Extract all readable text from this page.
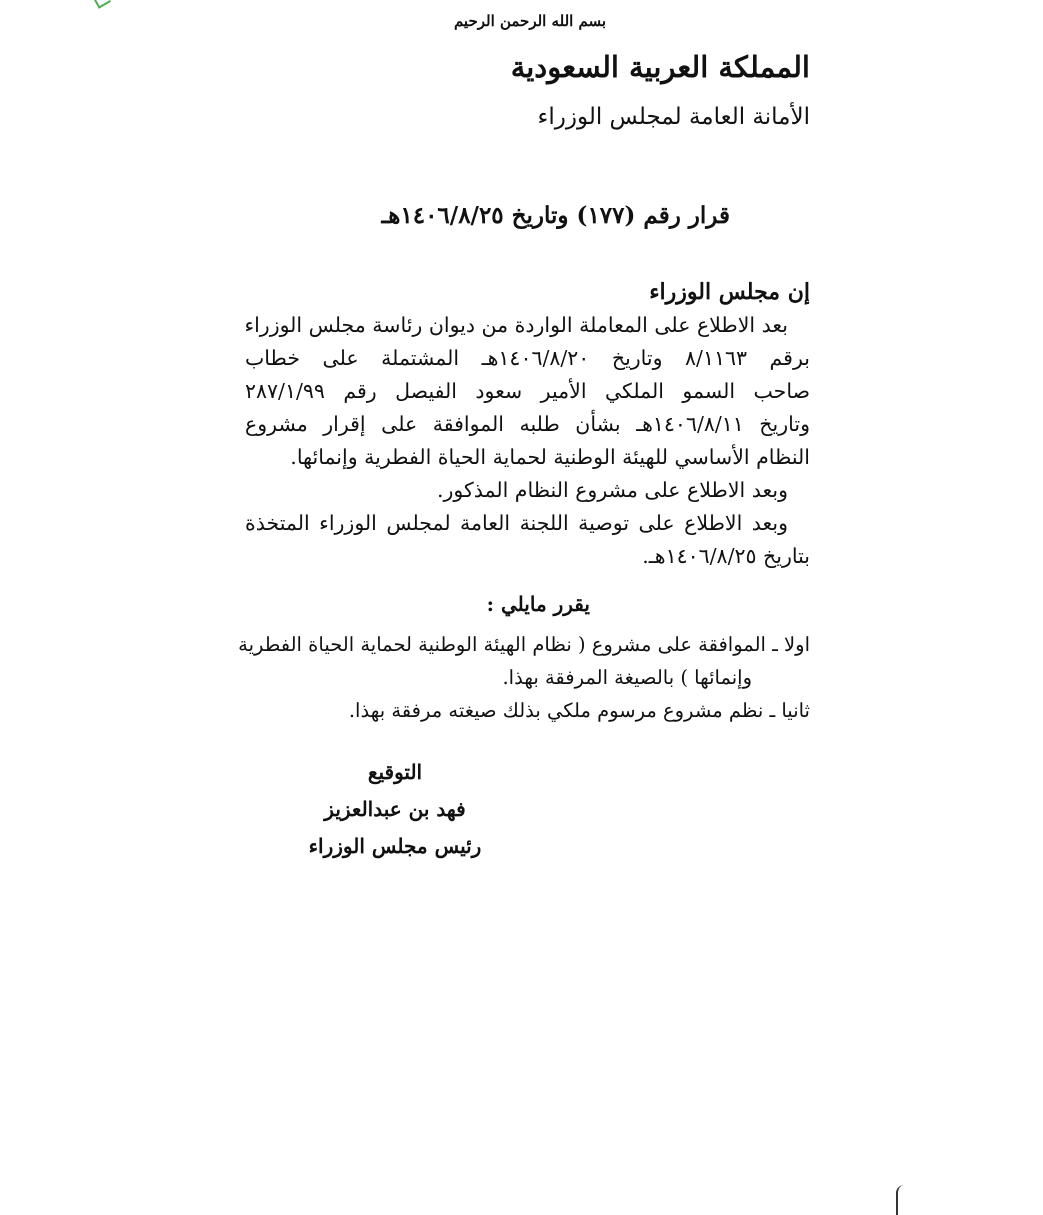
بسم الله الرحمن الرحيم
المملكة العربية السعودية
الأمانة العامة لمجلس الوزراء
قرار رقم (١٧٧) وتاريخ ١٤٠٦/٨/٢٥هـ
إن مجلس الوزراء
بعد الاطلاع على المعاملة الواردة من ديوان رئاسة مجلس الوزراء
برقم ٨/١١٦٣ وتاريخ ١٤٠٦/٨/٢٠هـ المشتملة على خطاب
صاحب السمو الملكي الأمير سعود الفيصل رقم ٢٨٧/١/٩٩
وتاريخ ١٤٠٦/٨/١١هـ بشأن طلبه الموافقة على إقرار مشروع
النظام الأساسي للهيئة الوطنية لحماية الحياة الفطرية وإنمائها.
وبعد الاطلاع على مشروع النظام المذكور.
وبعد الاطلاع على توصية اللجنة العامة لمجلس الوزراء المتخذة
بتاريخ ١٤٠٦/٨/٢٥هـ.
يقرر مايلي :
اولا ـ الموافقة على مشروع ( نظام الهيئة الوطنية لحماية الحياة الفطرية
وإنمائها ) بالصيغة المرفقة بهذا.
ثانيا ـ نظم مشروع مرسوم ملكي بذلك صيغته مرفقة بهذا.
التوقيع
فهد بن عبدالعزيز
رئيس مجلس الوزراء
